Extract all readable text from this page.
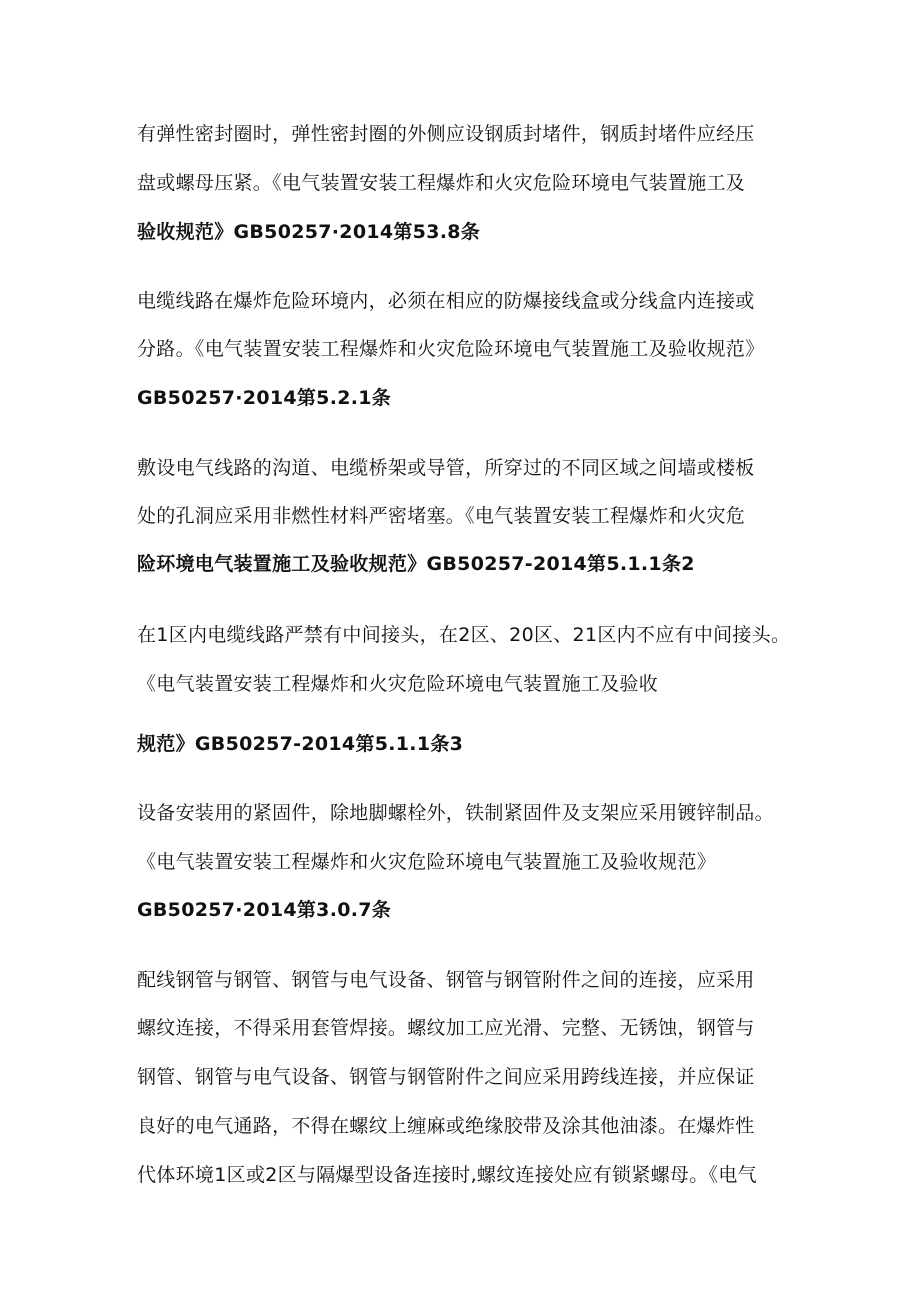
有弹性密封圈时，弹性密封圈的外侧应设钢质封堵件，钢质封堵件应经压
盘或螺母压紧。《电气装置安装工程爆炸和火灾危险环境电气装置施工及
验收规范》GB50257·2014第53.8条
电缆线路在爆炸危险环境内，必须在相应的防爆接线盒或分线盒内连接或
分路。《电气装置安装工程爆炸和火灾危险环境电气装置施工及验收规范》
GB50257·2014第5.2.1条
敷设电气线路的沟道、电缆桥架或导管，所穿过的不同区域之间墙或楼板
处的孔洞应采用非燃性材料严密堵塞。《电气装置安装工程爆炸和火灾危
险环境电气装置施工及验收规范》GB50257-2014第5.1.1条2
在1区内电缆线路严禁有中间接头，在2区、20区、21区内不应有中间接头。
《电气装置安装工程爆炸和火灾危险环境电气装置施工及验收
规范》GB50257-2014第5.1.1条3
设备安装用的紧固件，除地脚螺栓外，铁制紧固件及支架应采用镀锌制品。
《电气装置安装工程爆炸和火灾危险环境电气装置施工及验收规范》
GB50257·2014第3.0.7条
配线钢管与钢管、钢管与电气设备、钢管与钢管附件之间的连接，应采用
螺纹连接，不得采用套管焊接。螺纹加工应光滑、完整、无锈蚀，钢管与
钢管、钢管与电气设备、钢管与钢管附件之间应采用跨线连接，并应保证
良好的电气通路，不得在螺纹上缠麻或绝缘胶带及涂其他油漆。在爆炸性
代体环境1区或2区与隔爆型设备连接时,螺纹连接处应有锁紧螺母。《电气
